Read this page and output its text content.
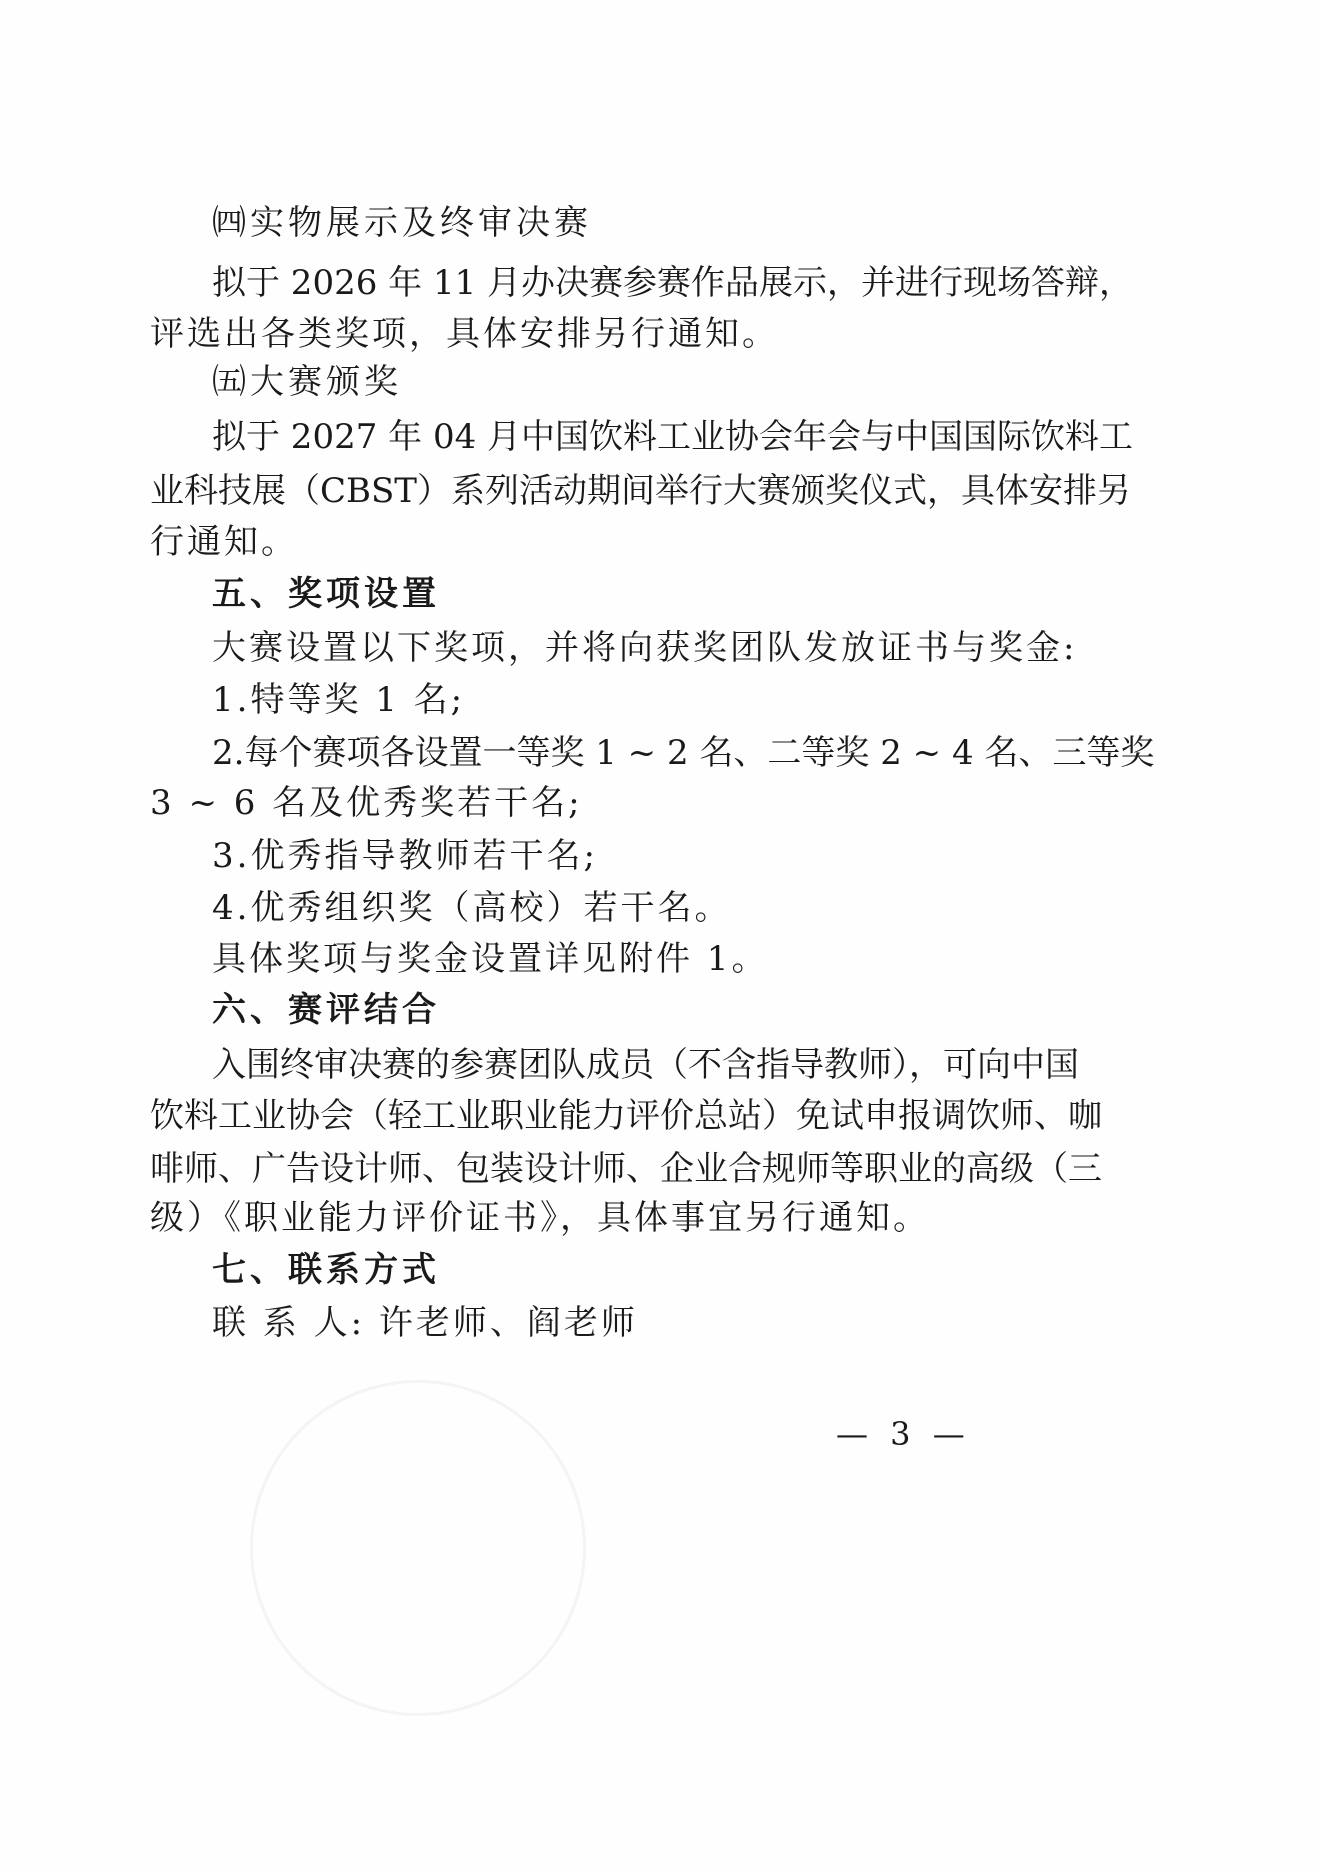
㈣实物展示及终审决赛
拟于 2026 年 11 月办决赛参赛作品展示，并进行现场答辩，
评选出各类奖项，具体安排另行通知。
㈤大赛颁奖
拟于 2027 年 04 月中国饮料工业协会年会与中国国际饮料工
业科技展（CBST）系列活动期间举行大赛颁奖仪式，具体安排另
行通知。
五、奖项设置
大赛设置以下奖项，并将向获奖团队发放证书与奖金:
1.特等奖 1 名;
2.每个赛项各设置一等奖 1 ~ 2 名、二等奖 2 ~ 4 名、三等奖
3 ~ 6 名及优秀奖若干名;
3.优秀指导教师若干名;
4.优秀组织奖（高校）若干名。
具体奖项与奖金设置详见附件 1。
六、赛评结合
入围终审决赛的参赛团队成员（不含指导教师），可向中国
饮料工业协会（轻工业职业能力评价总站）免试申报调饮师、咖
啡师、广告设计师、包装设计师、企业合规师等职业的高级（三
级）《职业能力评价证书》，具体事宜另行通知。
七、联系方式
联 系 人: 许老师、阎老师
— 3 —
